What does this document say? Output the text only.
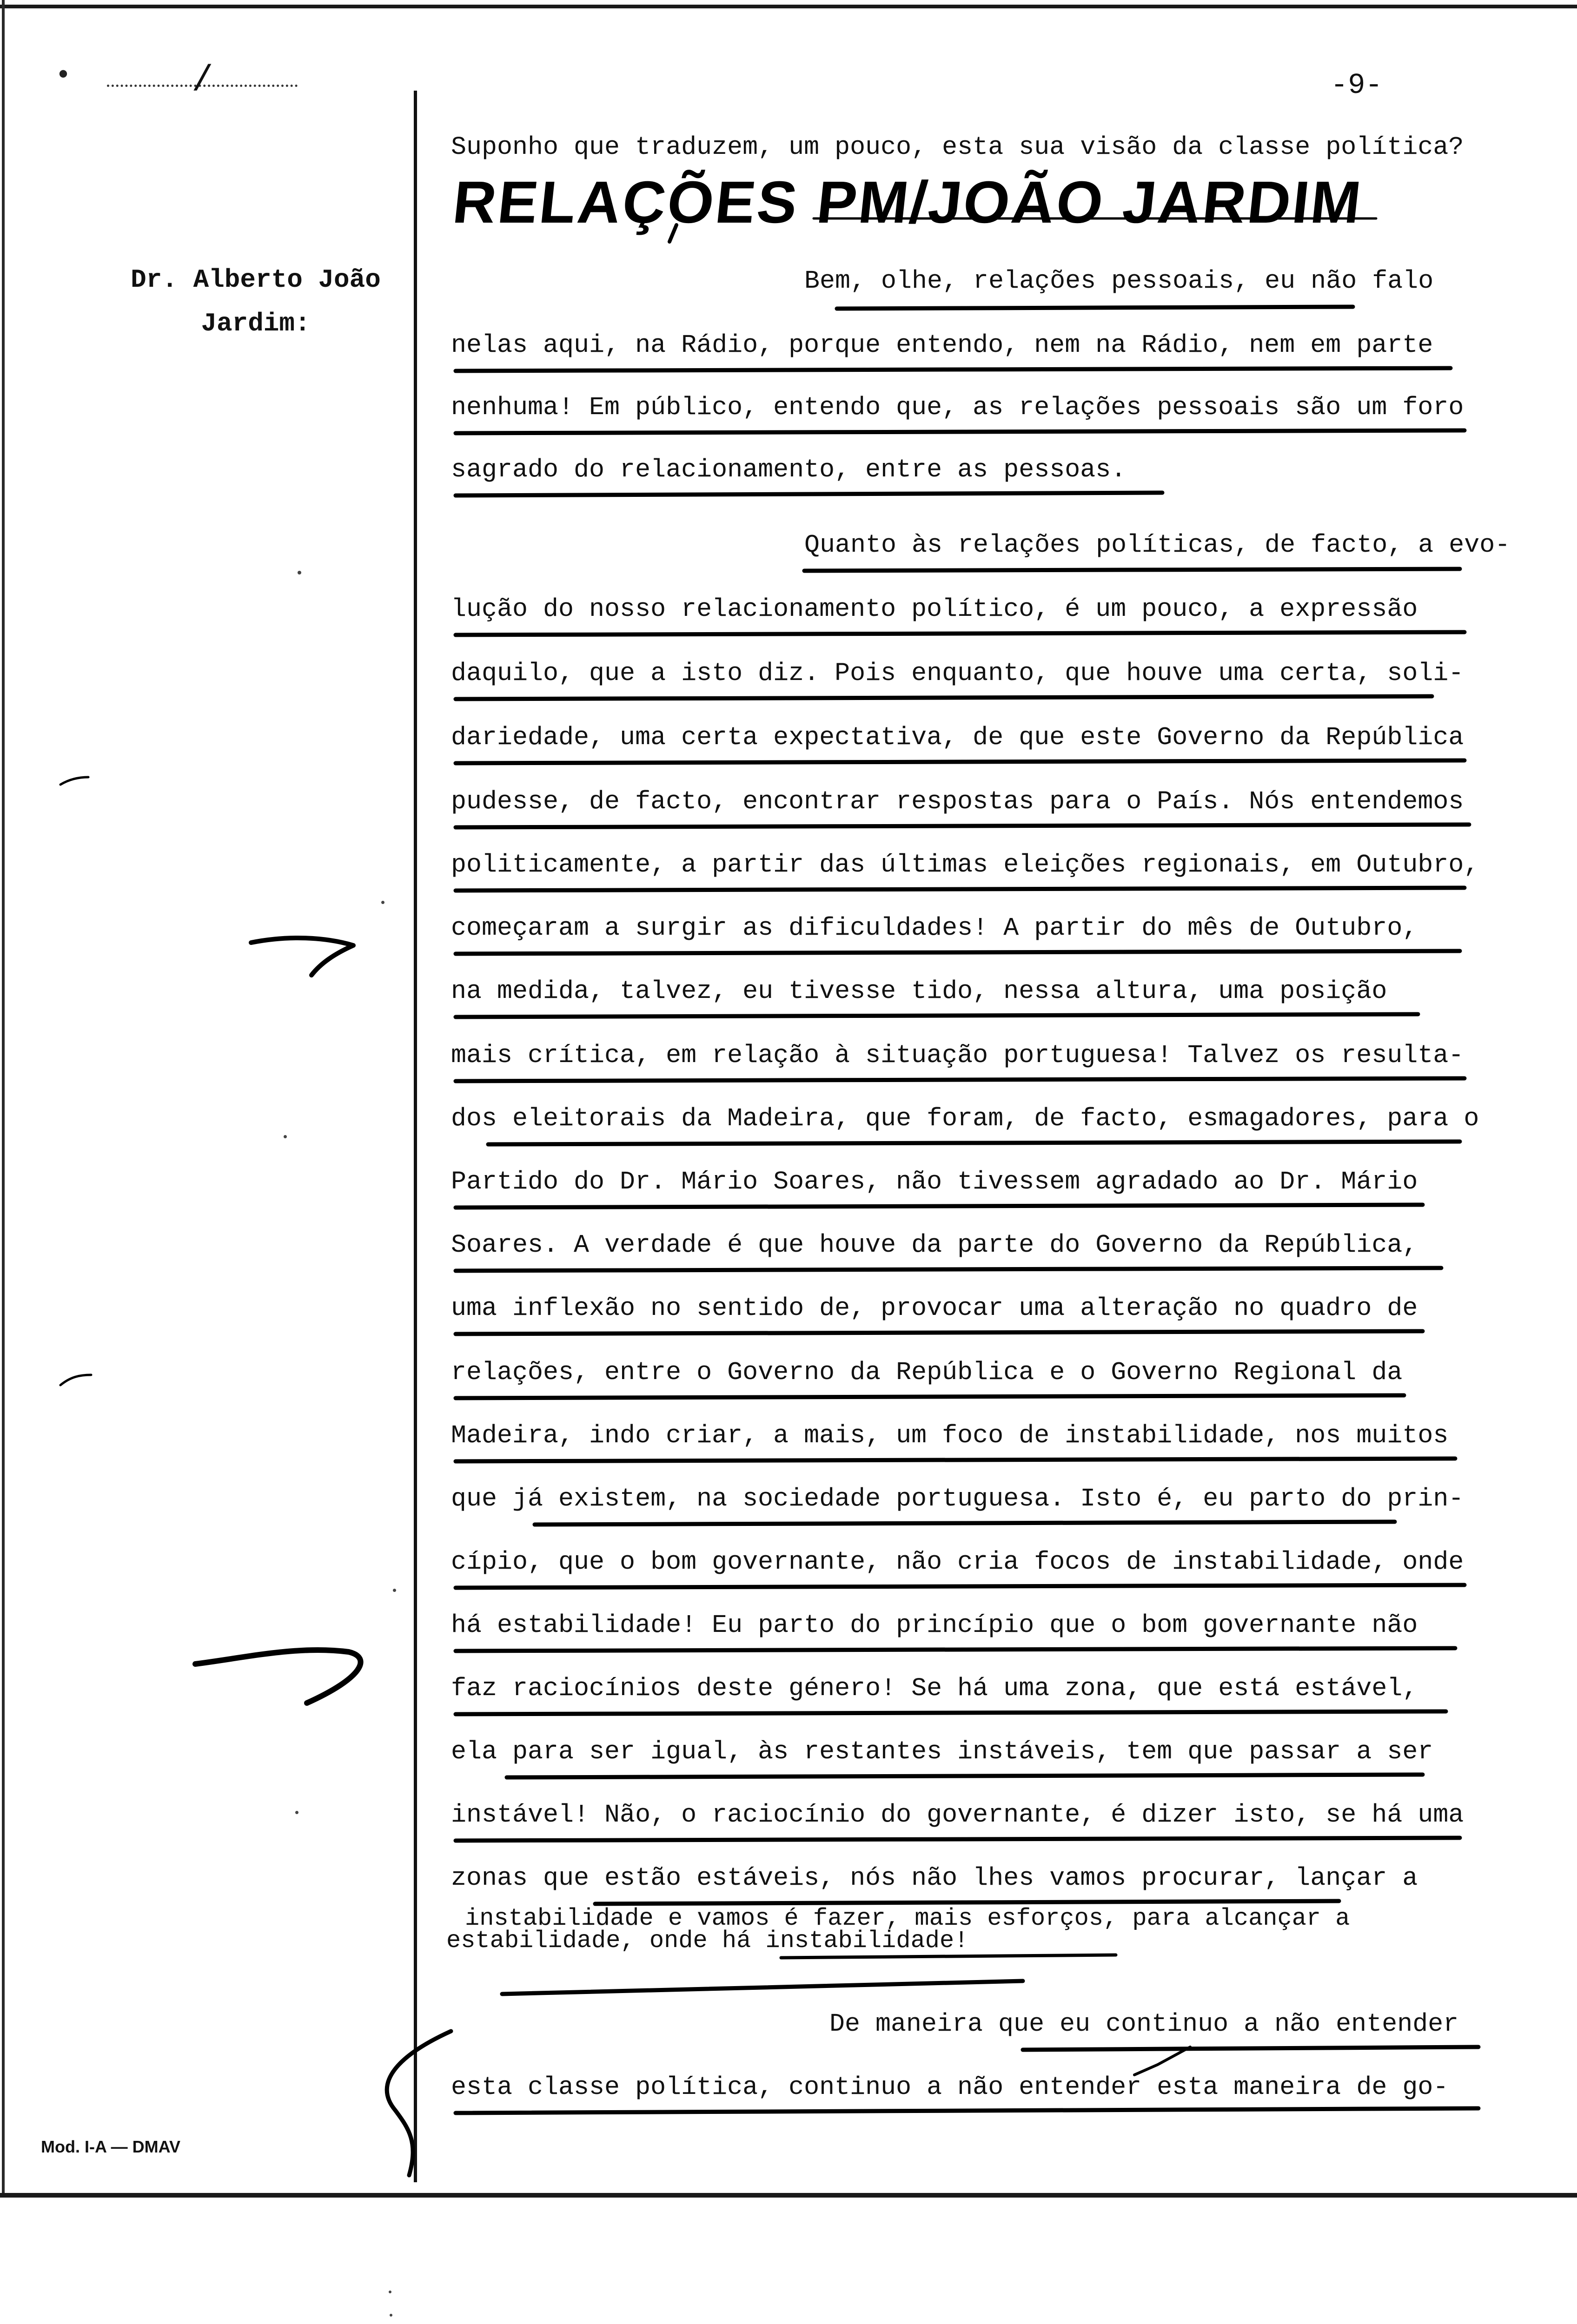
•	/	-9-
Dr. Alberto João
Jardim:

Suponho que traduzem, um pouco, esta sua visão da classe política?

RELAÇÕES PM/JOÃO JARDIM

Bem, olhe, relações pessoais, eu não falo

nelas aqui, na Rádio, porque entendo, nem na Rádio, nem em parte

nenhuma! Em público, entendo que, as relações pessoais são um foro

sagrado do relacionamento, entre as pessoas.

Quanto às relações políticas, de facto, a evo-

lução do nosso relacionamento político, é um pouco, a expressão

daquilo, que a isto diz. Pois enquanto, que houve uma certa, soli-

dariedade, uma certa expectativa, de que este Governo da República

pudesse, de facto, encontrar respostas para o País. Nós entendemos

politicamente, a partir das últimas eleições regionais, em Outubro,

começaram a surgir as dificuldades! A partir do mês de Outubro,

na medida, talvez, eu tivesse tido, nessa altura, uma posição

mais crítica, em relação à situação portuguesa! Talvez os resulta-

dos eleitorais da Madeira, que foram, de facto, esmagadores, para o

Partido do Dr. Mário Soares, não tivessem agradado ao Dr. Mário

Soares. A verdade é que houve da parte do Governo da República,

uma inflexão no sentido de, provocar uma alteração no quadro de

relações, entre o Governo da República e o Governo Regional da

Madeira, indo criar, a mais, um foco de instabilidade, nos muitos

que já existem, na sociedade portuguesa. Isto é, eu parto do prin-

cípio, que o bom governante, não cria focos de instabilidade, onde

há estabilidade! Eu parto do princípio que o bom governante não

faz raciocínios deste género! Se há uma zona, que está estável,

ela para ser igual, às restantes instáveis, tem que passar a ser

instável! Não, o raciocínio do governante, é dizer isto, se há uma

zonas que estão estáveis, nós não lhes vamos procurar, lançar a

instabilidade e vamos é fazer, mais esforços, para alcançar a

estabilidade, onde há instabilidade!

De maneira que eu continuo a não entender

esta classe política, continuo a não entender esta maneira de go-

Mod. I-A — DMAV
